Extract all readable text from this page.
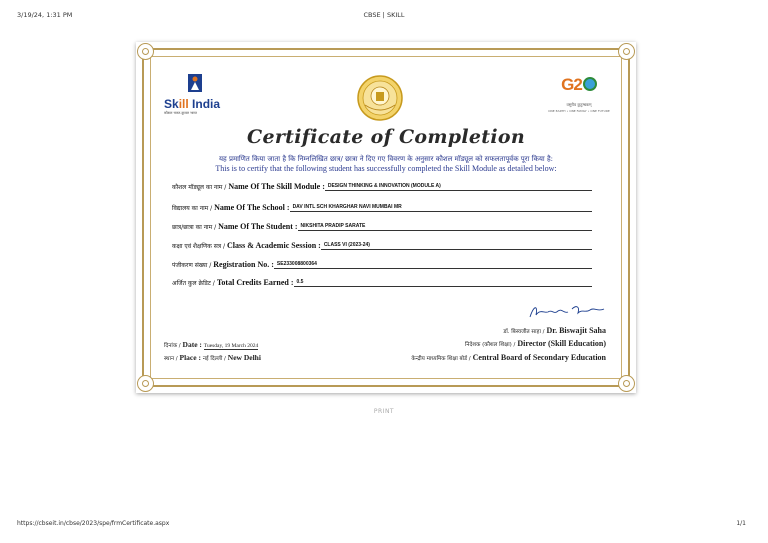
3/19/24, 1:31 PM	CBSE | SKILL
Skill India
कौशल भारत-कुशल भारत
G2
वसुधैव कुटुम्बकम्
ONE EARTH • ONE FAMILY • ONE FUTURE
Certificate of Completion
यह प्रमाणित किया जाता है कि निम्नलिखित छात्र/ छात्रा ने दिए गए विवरण के अनुसार कौशल मॉड्यूल को सफलतापूर्वक पूरा किया है:
This is to certify that the following student has successfully completed the Skill Module as detailed below:
कौशल मॉड्यूल का नाम / Name Of The Skill Module : DESIGN THINKING & INNOVATION (MODULE A)
विद्यालय का नाम / Name Of The School : DAV INTL SCH KHARGHAR NAVI MUMBAI MR
छात्र/छात्रा का नाम / Name Of The Student : NIKSHITA PRADIP SARATE
कक्षा एवं शैक्षणिक सत्र / Class & Academic Session : CLASS VI (2023-24)
पंजीकरण संख्या / Registration No. : SE233008800364
अर्जित कुल क्रेडिट / Total Credits Earned : 0.5
डॉ. बिस्वजीत साहा / Dr. Biswajit Saha
निदेशक (कौशल शिक्षा) / Director (Skill Education)
केन्द्रीय माध्यमिक शिक्षा बोर्ड / Central Board of Secondary Education
दिनांक / Date : Tuesday, 19 March 2024
स्थान / Place : नई दिल्ली / New Delhi
PRINT
https://cbseit.in/cbse/2023/spe/frmCertificate.aspx	1/1
